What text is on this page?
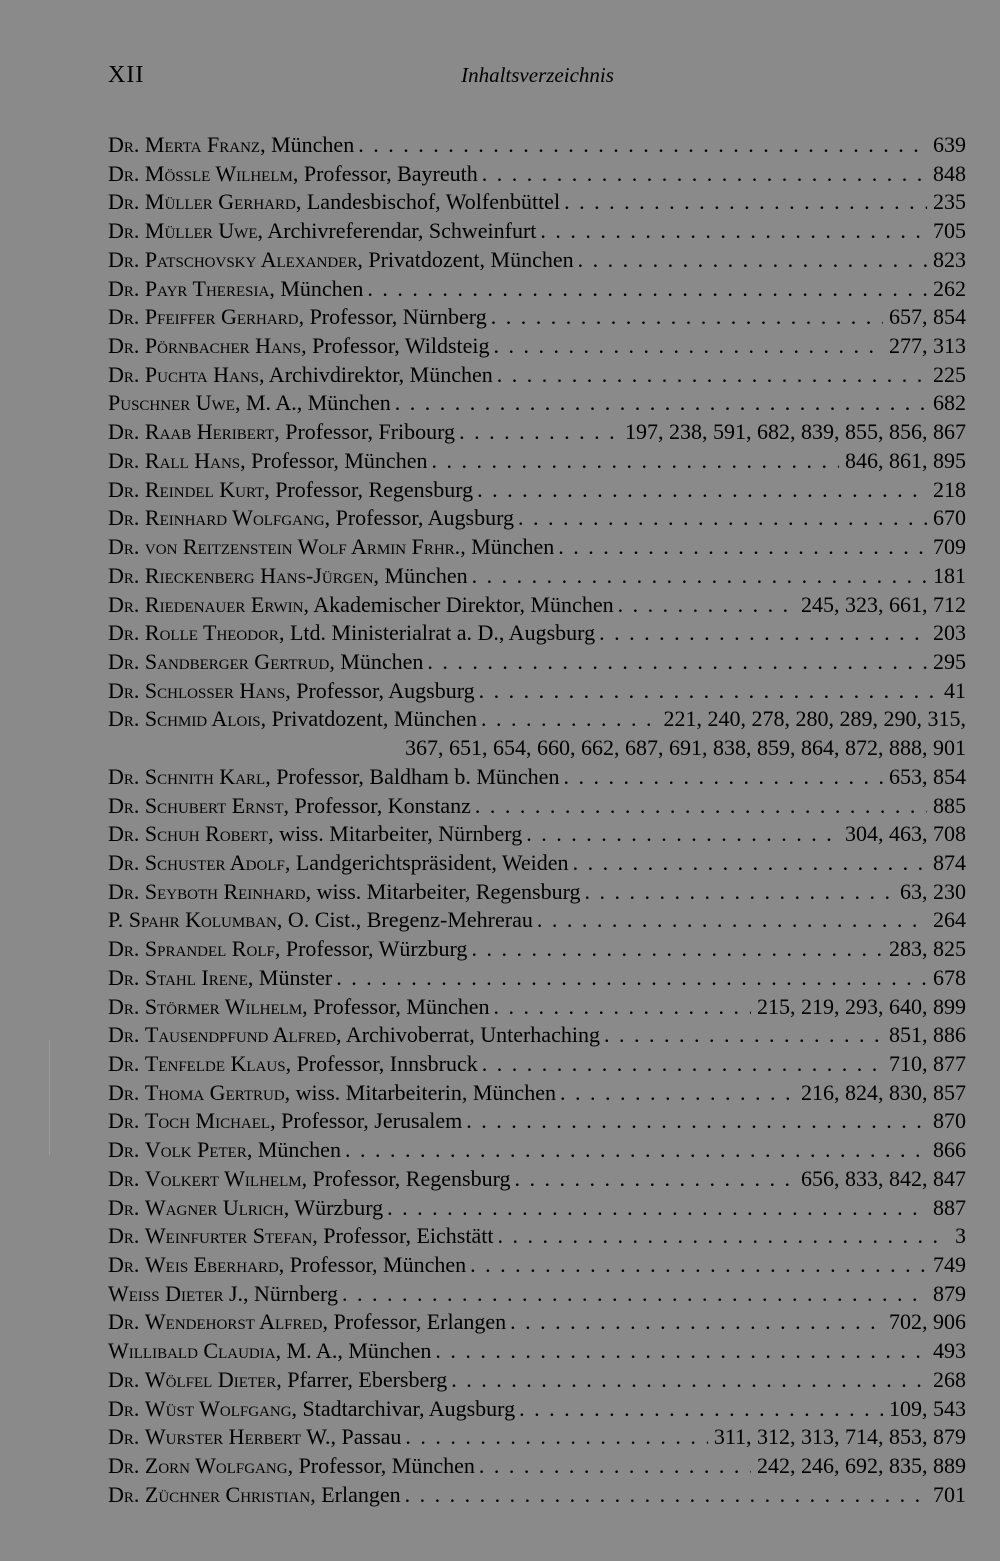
XII	Inhaltsverzeichnis
Dr. Merta Franz, München . . .	639
Dr. Mössle Wilhelm, Professor, Bayreuth . . .	848
Dr. Müller Gerhard, Landesbischof, Wolfenbüttel . . .	235
Dr. Müller Uwe, Archivreferendar, Schweinfurt . . .	705
Dr. Patschovsky Alexander, Privatdozent, München . . .	823
Dr. Payr Theresia, München . . .	262
Dr. Pfeiffer Gerhard, Professor, Nürnberg . . .	657, 854
Dr. Pörnbacher Hans, Professor, Wildsteig . . .	277, 313
Dr. Puchta Hans, Archivdirektor, München . . .	225
Puschner Uwe, M. A., München . . .	682
Dr. Raab Heribert, Professor, Fribourg . . .	197, 238, 591, 682, 839, 855, 856, 867
Dr. Rall Hans, Professor, München . . .	846, 861, 895
Dr. Reindel Kurt, Professor, Regensburg . . .	218
Dr. Reinhard Wolfgang, Professor, Augsburg . . .	670
Dr. von Reitzenstein Wolf Armin Frhr., München . . .	709
Dr. Rieckenberg Hans-Jürgen, München . . .	181
Dr. Riedenauer Erwin, Akademischer Direktor, München . . .	245, 323, 661, 712
Dr. Rolle Theodor, Ltd. Ministerialrat a. D., Augsburg . . .	203
Dr. Sandberger Gertrud, München . . .	295
Dr. Schlosser Hans, Professor, Augsburg . . .	41
Dr. Schmid Alois, Privatdozent, München . . .	221, 240, 278, 280, 289, 290, 315,
367, 651, 654, 660, 662, 687, 691, 838, 859, 864, 872, 888, 901
Dr. Schnith Karl, Professor, Baldham b. München . . .	653, 854
Dr. Schubert Ernst, Professor, Konstanz . . .	885
Dr. Schuh Robert, wiss. Mitarbeiter, Nürnberg . . .	304, 463, 708
Dr. Schuster Adolf, Landgerichtspräsident, Weiden . . .	874
Dr. Seyboth Reinhard, wiss. Mitarbeiter, Regensburg . . .	63, 230
P. Spahr Kolumban, O. Cist., Bregenz-Mehrerau . . .	264
Dr. Sprandel Rolf, Professor, Würzburg . . .	283, 825
Dr. Stahl Irene, Münster . . .	678
Dr. Störmer Wilhelm, Professor, München . . .	215, 219, 293, 640, 899
Dr. Tausendpfund Alfred, Archivoberrat, Unterhaching . . .	851, 886
Dr. Tenfelde Klaus, Professor, Innsbruck . . .	710, 877
Dr. Thoma Gertrud, wiss. Mitarbeiterin, München . . .	216, 824, 830, 857
Dr. Toch Michael, Professor, Jerusalem . . .	870
Dr. Volk Peter, München . . .	866
Dr. Volkert Wilhelm, Professor, Regensburg . . .	656, 833, 842, 847
Dr. Wagner Ulrich, Würzburg . . .	887
Dr. Weinfurter Stefan, Professor, Eichstätt . . .	3
Dr. Weis Eberhard, Professor, München . . .	749
Weiss Dieter J., Nürnberg . . .	879
Dr. Wendehorst Alfred, Professor, Erlangen . . .	702, 906
Willibald Claudia, M. A., München . . .	493
Dr. Wölfel Dieter, Pfarrer, Ebersberg . . .	268
Dr. Wüst Wolfgang, Stadtarchivar, Augsburg . . .	109, 543
Dr. Wurster Herbert W., Passau . . .	311, 312, 313, 714, 853, 879
Dr. Zorn Wolfgang, Professor, München . . .	242, 246, 692, 835, 889
Dr. Züchner Christian, Erlangen . . .	701
